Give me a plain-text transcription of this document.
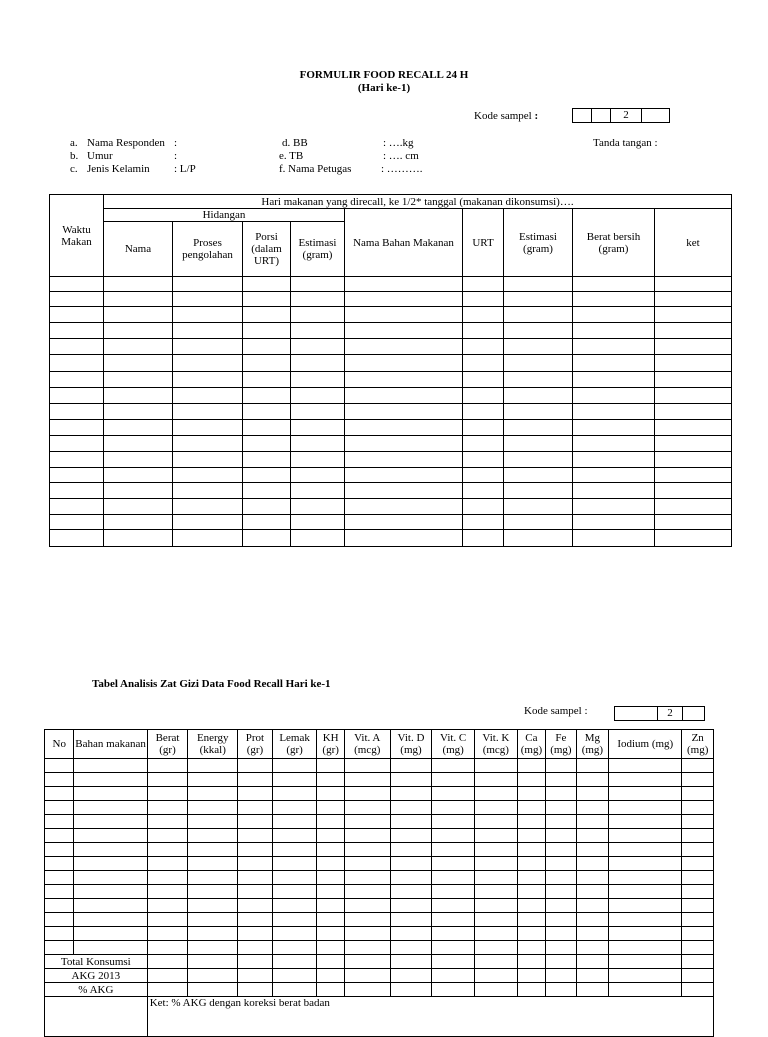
FORMULIR FOOD RECALL 24 H
(Hari ke-1)
Kode sampel :	2
a. Nama Responden :
b. Umur	:
c. Jenis Kelamin : L/P
d. BB	: ….kg
e. TB	: …. cm
f. Nama Petugas	: ……….
Tanda tangan :
Waktu Makan	Hari makanan yang direcall, ke 1/2* tanggal (makanan dikonsumsi)….								
	Hidangan				Nama Bahan Makanan	URT	Estimasi (gram)	Berat bersih (gram)	ket
	Nama	Proses pengolahan	Porsi (dalam URT)	Estimasi (gram)					

Tabel Analisis Zat Gizi Data Food Recall Hari ke-1
Kode sampel :	2
No	Bahan makanan	Berat (gr)	Energy (kkal)	Prot (gr)	Lemak (gr)	KH (gr)	Vit. A (mcg)	Vit. D (mg)	Vit. C (mg)	Vit. K (mcg)	Ca (mg)	Fe (mg)	Mg (mg)	Iodium (mg)	Zn (mg)

Total Konsumsi															
AKG 2013															
% AKG															
		Ket: % AKG dengan koreksi berat badan													
